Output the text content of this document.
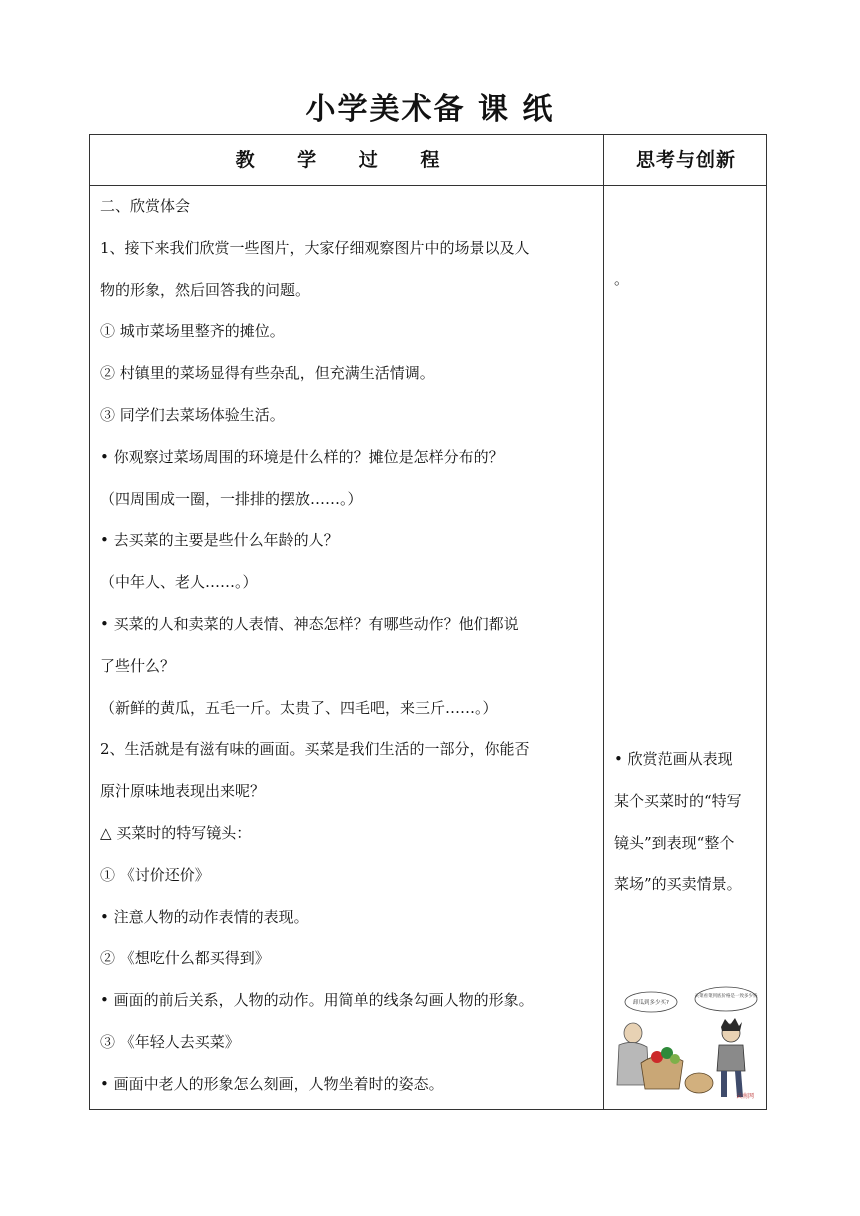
小学美术备 课 纸
教 学 过 程	思考与创新
二、欣赏体会
1、接下来我们欣赏一些图片，大家仔细观察图片中的场景以及人
物的形象，然后回答我的问题。
① 城市菜场里整齐的摊位。
② 村镇里的菜场显得有些杂乱，但充满生活情调。
③ 同学们去菜场体验生活。
• 你观察过菜场周围的环境是什么样的？摊位是怎样分布的？
（四周围成一圈，一排排的摆放……。）
• 去买菜的主要是些什么年龄的人？
（中年人、老人……。）
• 买菜的人和卖菜的人表情、神态怎样？有哪些动作？他们都说
了些什么？
（新鲜的黄瓜，五毛一斤。太贵了、四毛吧，来三斤……。）
2、生活就是有滋有味的画面。买菜是我们生活的一部分，你能否
原汁原味地表现出来呢？
△ 买菜时的特写镜头：
① 《讨价还价》
• 注意人物的动作表情的表现。
② 《想吃什么都买得到》
• 画面的前后关系，人物的动作。用简单的线条勾画人物的形象。
③ 《年轻人去买菜》
• 画面中老人的形象怎么刻画，人物坐着时的姿态。
。
• 欣赏范画从表现
某个买菜时的“特写
镜头”到表现“整个
菜场”的买卖情景。
卸瓜到多少买?
买菜看菜到底价格是一致多少钱
云南网
